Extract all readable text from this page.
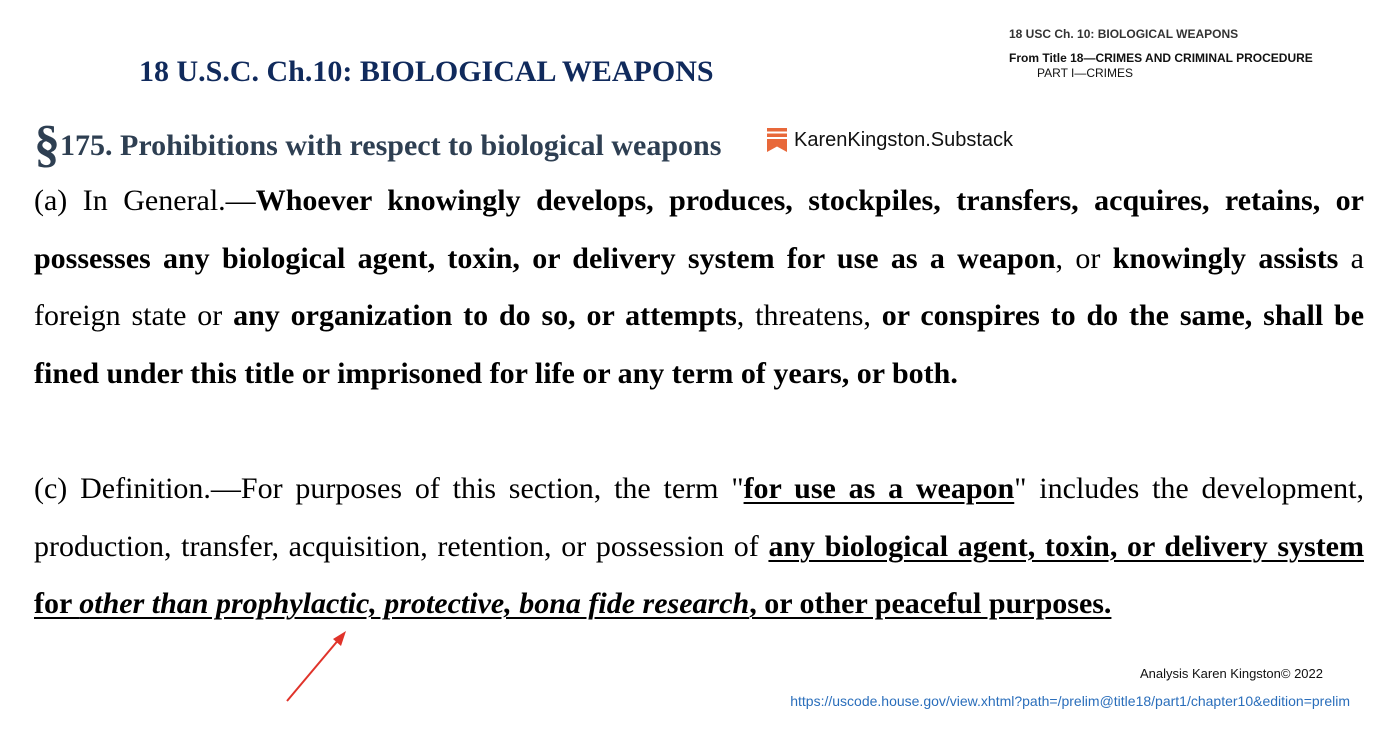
18 USC Ch. 10: BIOLOGICAL WEAPONS
From Title 18—CRIMES AND CRIMINAL PROCEDURE
PART I—CRIMES
18 U.S.C. Ch.10: BIOLOGICAL WEAPONS
§175. Prohibitions with respect to biological weapons	KarenKingston.Substack
(a) In General.—Whoever knowingly develops, produces, stockpiles, transfers, acquires, retains, or possesses any biological agent, toxin, or delivery system for use as a weapon, or knowingly assists a foreign state or any organization to do so, or attempts, threatens, or conspires to do the same, shall be fined under this title or imprisoned for life or any term of years, or both.
(c) Definition.—For purposes of this section, the term "for use as a weapon" includes the development, production, transfer, acquisition, retention, or possession of any biological agent, toxin, or delivery system for other than prophylactic, protective, bona fide research, or other peaceful purposes.
Analysis Karen Kingston© 2022
https://uscode.house.gov/view.xhtml?path=/prelim@title18/part1/chapter10&edition=prelim
